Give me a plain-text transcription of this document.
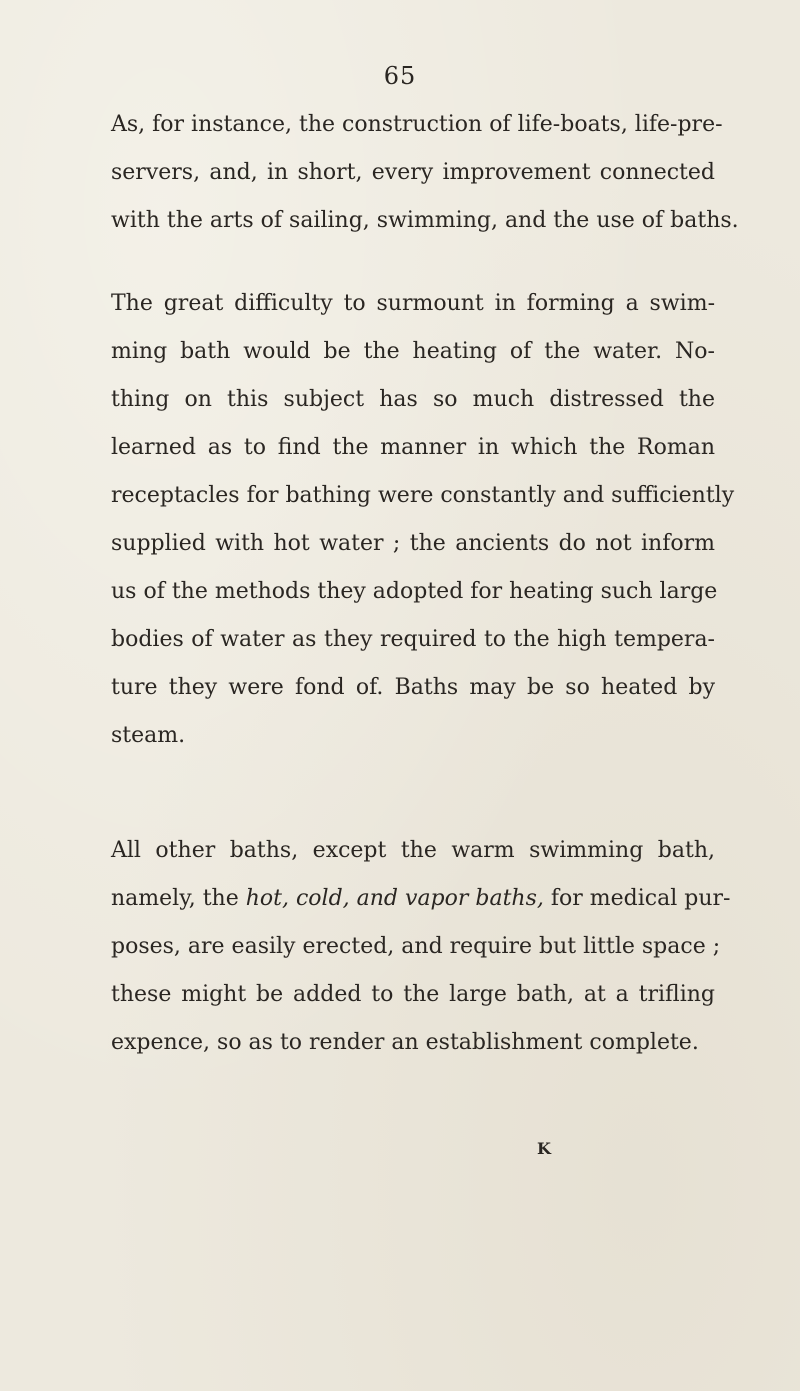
65
As, for instance, the construction of life-boats, life-pre-
servers, and, in short, every improvement connected
with the arts of sailing, swimming, and the use of baths.
The great difficulty to surmount in forming a swim-
ming bath would be the heating of the water. No-
thing on this subject has so much distressed the
learned as to find the manner in which the Roman
receptacles for bathing were constantly and sufficiently
supplied with hot water ; the ancients do not inform
us of the methods they adopted for heating such large
bodies of water as they required to the high tempera-
ture they were fond of. Baths may be so heated by
steam.
All other baths, except the warm swimming bath,
namely, the hot, cold, and vapor baths, for medical pur-
poses, are easily erected, and require but little space ;
these might be added to the large bath, at a trifling
expence, so as to render an establishment complete.
K
